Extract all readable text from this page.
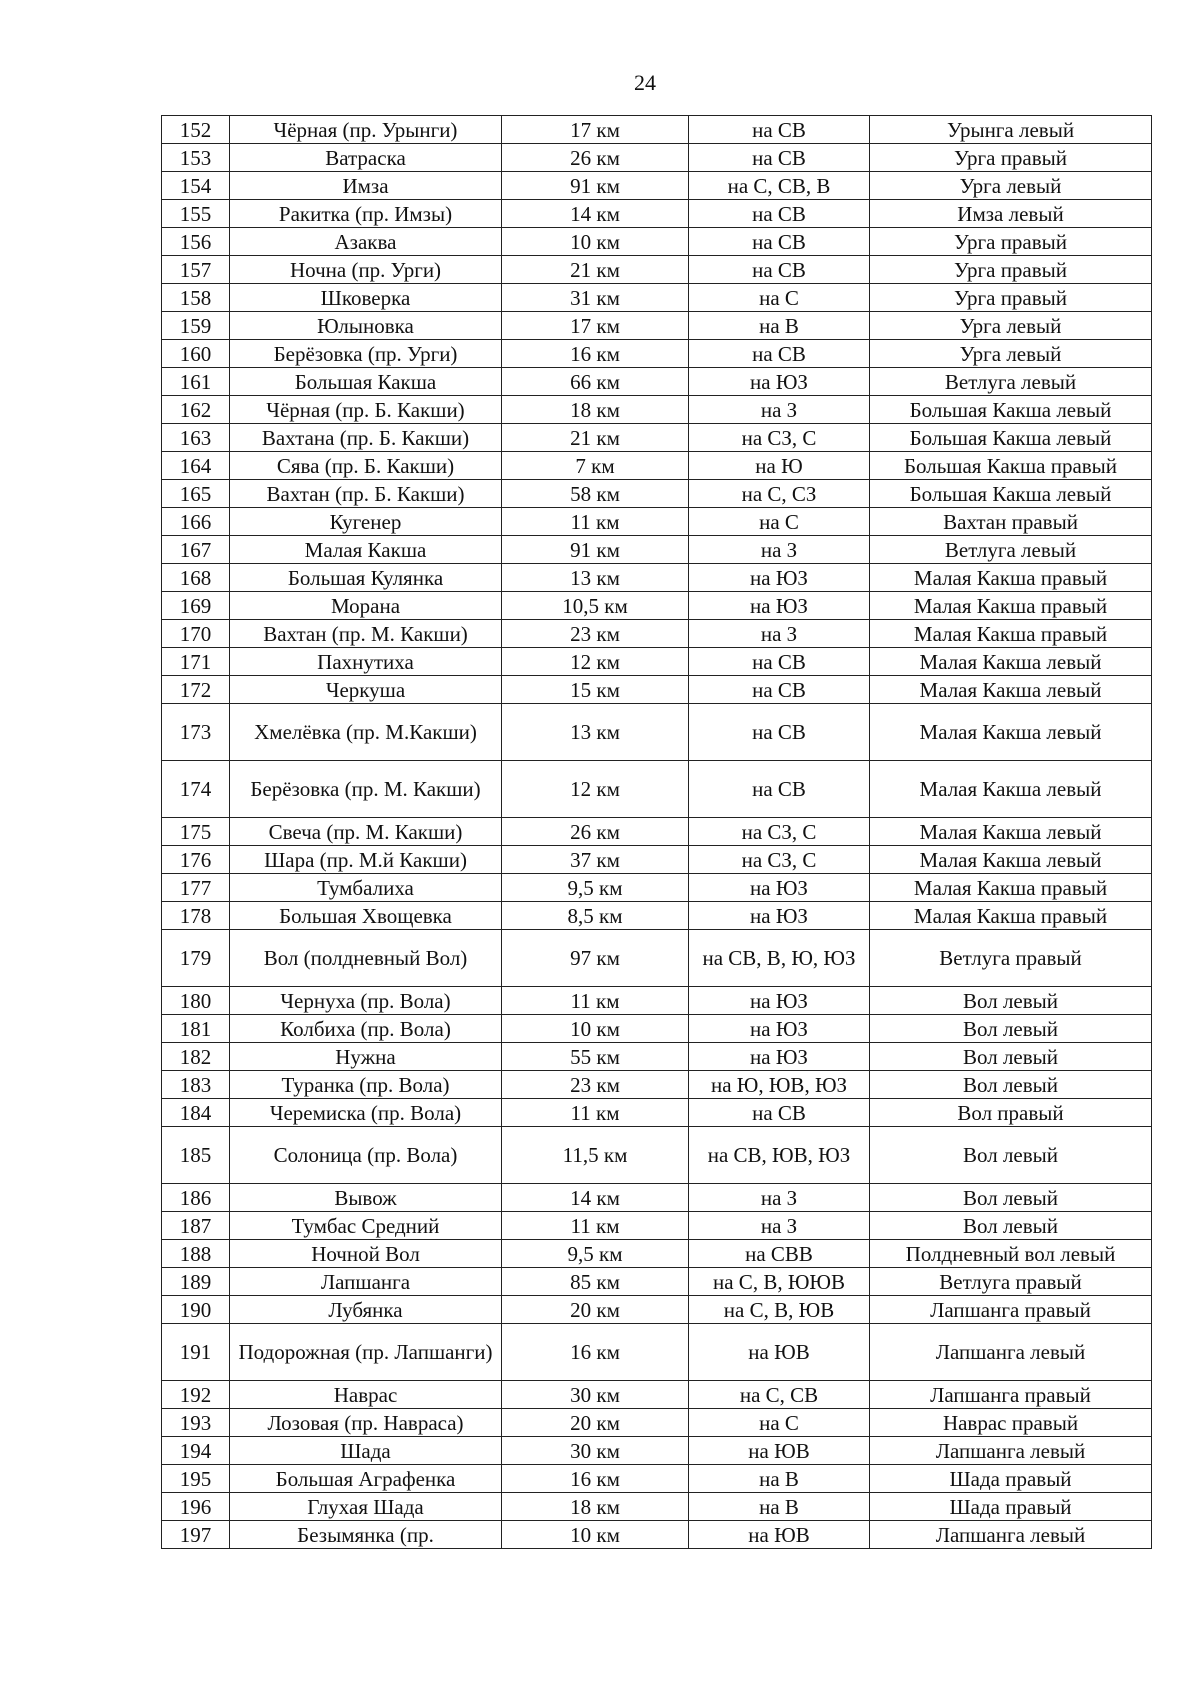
24
152	Чёрная (пр. Урынги)	17 км	на СВ	Урынга левый
153	Ватраска	26 км	на СВ	Урга правый
154	Имза	91 км	на С, СВ, В	Урга левый
155	Ракитка (пр. Имзы)	14 км	на СВ	Имза левый
156	Азаква	10 км	на СВ	Урга правый
157	Ночна (пр. Урги)	21 км	на СВ	Урга правый
158	Шковерка	31 км	на С	Урга правый
159	Юлыновка	17 км	на В	Урга левый
160	Берёзовка (пр. Урги)	16 км	на СВ	Урга левый
161	Большая Какша	66 км	на ЮЗ	Ветлуга левый
162	Чёрная (пр. Б. Какши)	18 км	на З	Большая Какша левый
163	Вахтана (пр. Б. Какши)	21 км	на СЗ, С	Большая Какша левый
164	Сява (пр. Б. Какши)	7 км	на Ю	Большая Какша правый
165	Вахтан (пр. Б. Какши)	58 км	на С, СЗ	Большая Какша левый
166	Кугенер	11 км	на С	Вахтан правый
167	Малая Какша	91 км	на З	Ветлуга левый
168	Большая Кулянка	13 км	на ЮЗ	Малая Какша правый
169	Морана	10,5 км	на ЮЗ	Малая Какша правый
170	Вахтан (пр. М. Какши)	23 км	на З	Малая Какша правый
171	Пахнутиха	12 км	на СВ	Малая Какша левый
172	Черкуша	15 км	на СВ	Малая Какша левый
173	Хмелёвка (пр. М.Какши)	13 км	на СВ	Малая Какша левый
174	Берёзовка (пр. М. Какши)	12 км	на СВ	Малая Какша левый
175	Свеча (пр. М. Какши)	26 км	на СЗ, С	Малая Какша левый
176	Шара (пр. М.й Какши)	37 км	на СЗ, С	Малая Какша левый
177	Тумбалиха	9,5 км	на ЮЗ	Малая Какша правый
178	Большая Хвощевка	8,5 км	на ЮЗ	Малая Какша правый
179	Вол (полдневный Вол)	97 км	на СВ, В, Ю, ЮЗ	Ветлуга правый
180	Чернуха (пр. Вола)	11 км	на ЮЗ	Вол левый
181	Колбиха (пр. Вола)	10 км	на ЮЗ	Вол левый
182	Нужна	55 км	на ЮЗ	Вол левый
183	Туранка (пр. Вола)	23 км	на Ю, ЮВ, ЮЗ	Вол левый
184	Черемиска (пр. Вола)	11 км	на СВ	Вол правый
185	Солоница (пр. Вола)	11,5 км	на СВ, ЮВ, ЮЗ	Вол левый
186	Вывож	14 км	на З	Вол левый
187	Тумбас Средний	11 км	на З	Вол левый
188	Ночной Вол	9,5 км	на СВВ	Полдневный вол левый
189	Лапшанга	85 км	на С, В, ЮЮВ	Ветлуга правый
190	Лубянка	20 км	на С, В, ЮВ	Лапшанга правый
191	Подорожная (пр. Лапшанги)	16 км	на ЮВ	Лапшанга левый
192	Наврас	30 км	на С, СВ	Лапшанга правый
193	Лозовая (пр. Навраса)	20 км	на С	Наврас правый
194	Шада	30 км	на ЮВ	Лапшанга левый
195	Большая Аграфенка	16 км	на В	Шада правый
196	Глухая Шада	18 км	на В	Шада правый
197	Безымянка (пр.	10 км	на ЮВ	Лапшанга левый
